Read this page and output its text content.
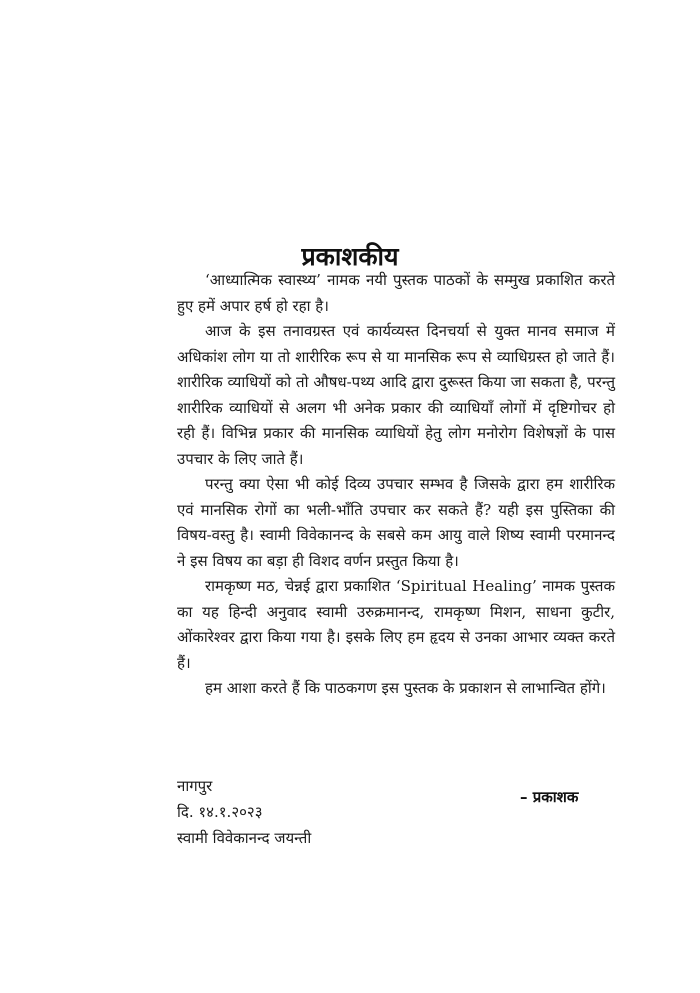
प्रकाशकीय

‘आध्यात्मिक स्वास्थ्य’ नामक नयी पुस्तक पाठकों के सम्मुख प्रकाशित करते हुए हमें अपार हर्ष हो रहा है।

आज के इस तनावग्रस्त एवं कार्यव्यस्त दिनचर्या से युक्त मानव समाज में अधिकांश लोग या तो शारीरिक रूप से या मानसिक रूप से व्याधिग्रस्त हो जाते हैं। शारीरिक व्याधियों को तो औषध-पथ्य आदि द्वारा दुरूस्त किया जा सकता है, परन्तु शारीरिक व्याधियों से अलग भी अनेक प्रकार की व्याधियाँ लोगों में दृष्टिगोचर हो रही हैं। विभिन्न प्रकार की मानसिक व्याधियों हेतु लोग मनोरोग विशेषज्ञों के पास उपचार के लिए जाते हैं।

परन्तु क्या ऐसा भी कोई दिव्य उपचार सम्भव है जिसके द्वारा हम शारीरिक एवं मानसिक रोगों का भली-भाँति उपचार कर सकते हैं? यही इस पुस्तिका की विषय-वस्तु है। स्वामी विवेकानन्द के सबसे कम आयु वाले शिष्य स्वामी परमानन्द ने इस विषय का बड़ा ही विशद वर्णन प्रस्तुत किया है।

रामकृष्ण मठ, चेन्नई द्वारा प्रकाशित ‘Spiritual Healing’ नामक पुस्तक का यह हिन्दी अनुवाद स्वामी उरुक्रमानन्द, रामकृष्ण मिशन, साधना कुटीर, ओंकारेश्वर द्वारा किया गया है। इसके लिए हम हृदय से उनका आभार व्यक्त करते हैं।

हम आशा करते हैं कि पाठकगण इस पुस्तक के प्रकाशन से लाभान्वित होंगे।

नागपुर
दि. १४.१.२०२३
स्वामी विवेकानन्द जयन्ती
– प्रकाशक
